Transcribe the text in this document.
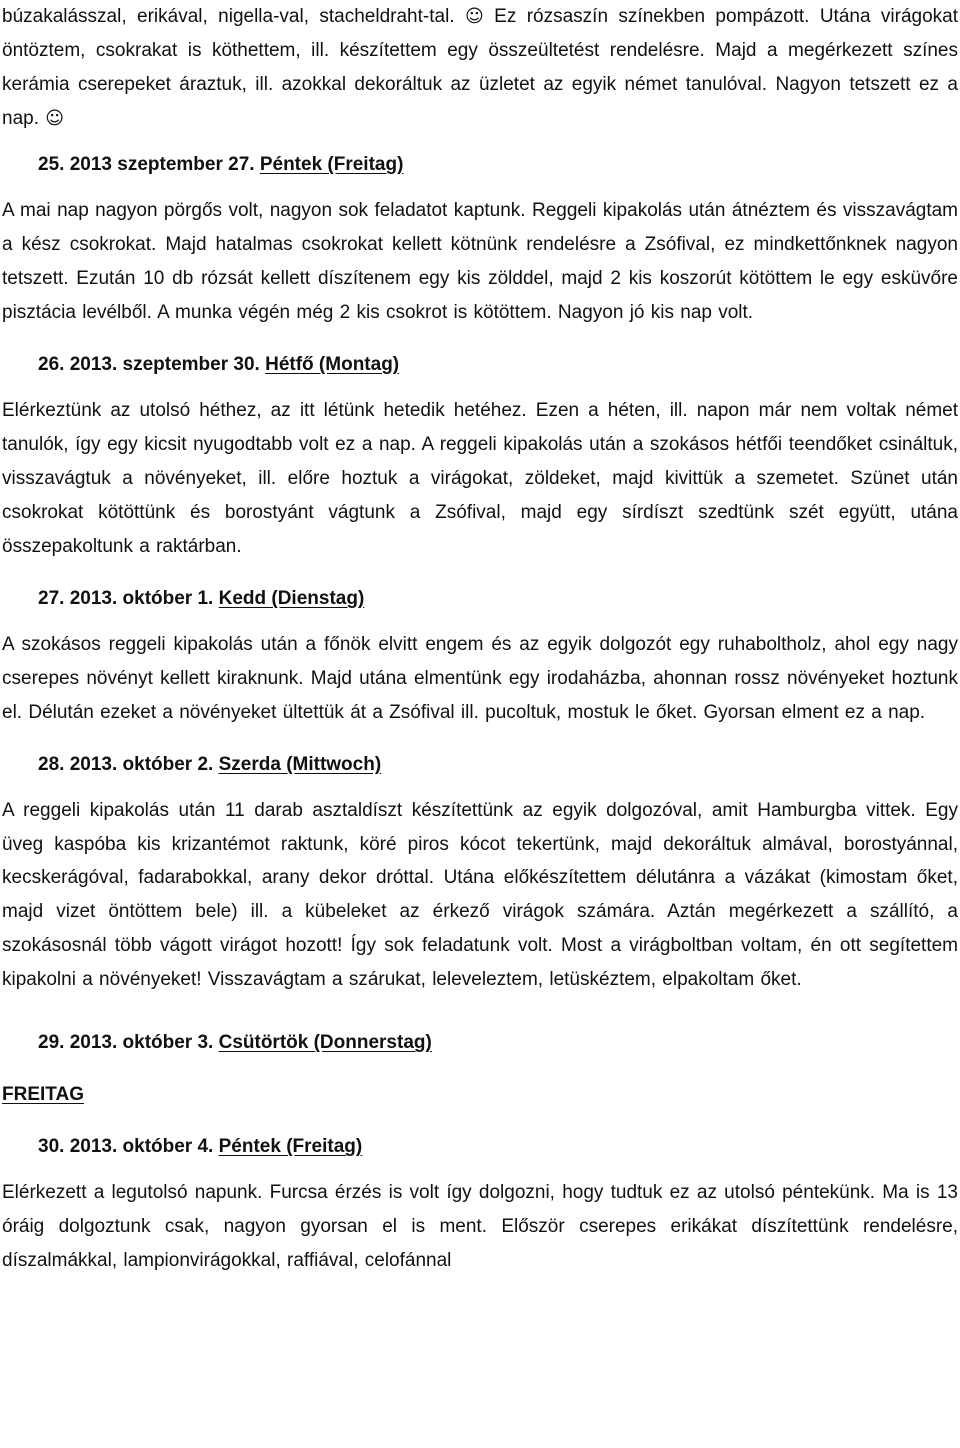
búzakalásszal, erikával, nigella-val, stacheldraht-tal. ☺ Ez rózsaszín színekben pompázott. Utána virágokat öntöztem, csokrakat is köthettem, ill. készítettem egy összeültetést rendelésre. Majd a megérkezett színes kerámia cserepeket áraztuk, ill. azokkal dekoráltuk az üzletet az egyik német tanulóval. Nagyon tetszett ez a nap. ☺

25. 2013 szeptember 27. Péntek (Freitag)

A mai nap nagyon pörgős volt, nagyon sok feladatot kaptunk. Reggeli kipakolás után átnéztem és visszavágtam a kész csokrokat. Majd hatalmas csokrokat kellett kötnünk rendelésre a Zsófival, ez mindkettőnknek nagyon tetszett. Ezután 10 db rózsát kellett díszítenem egy kis zölddel, majd 2 kis koszorút kötöttem le egy esküvőre pisztácia levélből. A munka végén még 2 kis csokrot is kötöttem. Nagyon jó kis nap volt.

26. 2013. szeptember 30. Hétfő (Montag)

Elérkeztünk az utolsó héthez, az itt létünk hetedik hetéhez. Ezen a héten, ill. napon már nem voltak német tanulók, így egy kicsit nyugodtabb volt ez a nap. A reggeli kipakolás után a szokásos hétfői teendőket csináltuk, visszavágtuk a növényeket, ill. előre hoztuk a virágokat, zöldeket, majd kivittük a szemetet. Szünet után csokrokat kötöttünk és borostyánt vágtunk a Zsófival, majd egy sírdíszt szedtünk szét együtt, utána összepakoltunk a raktárban.

27. 2013. október 1. Kedd (Dienstag)

A szokásos reggeli kipakolás után a főnök elvitt engem és az egyik dolgozót egy ruhaboltholz, ahol egy nagy cserepes növényt kellett kiraknunk. Majd utána elmentünk egy irodaházba, ahonnan rossz növényeket hoztunk el. Délután ezeket a növényeket ültettük át a Zsófival ill. pucoltuk, mostuk le őket. Gyorsan elment ez a nap.

28. 2013. október 2. Szerda (Mittwoch)

A reggeli kipakolás után 11 darab asztaldíszt készítettünk az egyik dolgozóval, amit Hamburgba vittek. Egy üveg kaspóba kis krizantémot raktunk, köré piros kócot tekertünk, majd dekoráltuk almával, borostyánnal, kecskerágóval, fadarabokkal, arany dekor dróttal. Utána előkészítettem délutánra a vázákat (kimostam őket, majd vizet öntöttem bele) ill. a kübeleket az érkező virágok számára. Aztán megérkezett a szállító, a szokásosnál több vágott virágot hozott! Így sok feladatunk volt. Most a virágboltban voltam, én ott segítettem kipakolni a növényeket! Visszavágtam a szárukat, leleveleztem, letüskéztem, elpakoltam őket.

29. 2013. október 3. Csütörtök (Donnerstag)

FREITAG

30. 2013. október 4. Péntek (Freitag)

Elérkezett a legutolsó napunk. Furcsa érzés is volt így dolgozni, hogy tudtuk ez az utolsó péntekünk. Ma is 13 óráig dolgoztunk csak, nagyon gyorsan el is ment. Először cserepes erikákat díszítettünk rendelésre, díszalmákkal, lampionvirágokkal, raffiával, celofánnal
